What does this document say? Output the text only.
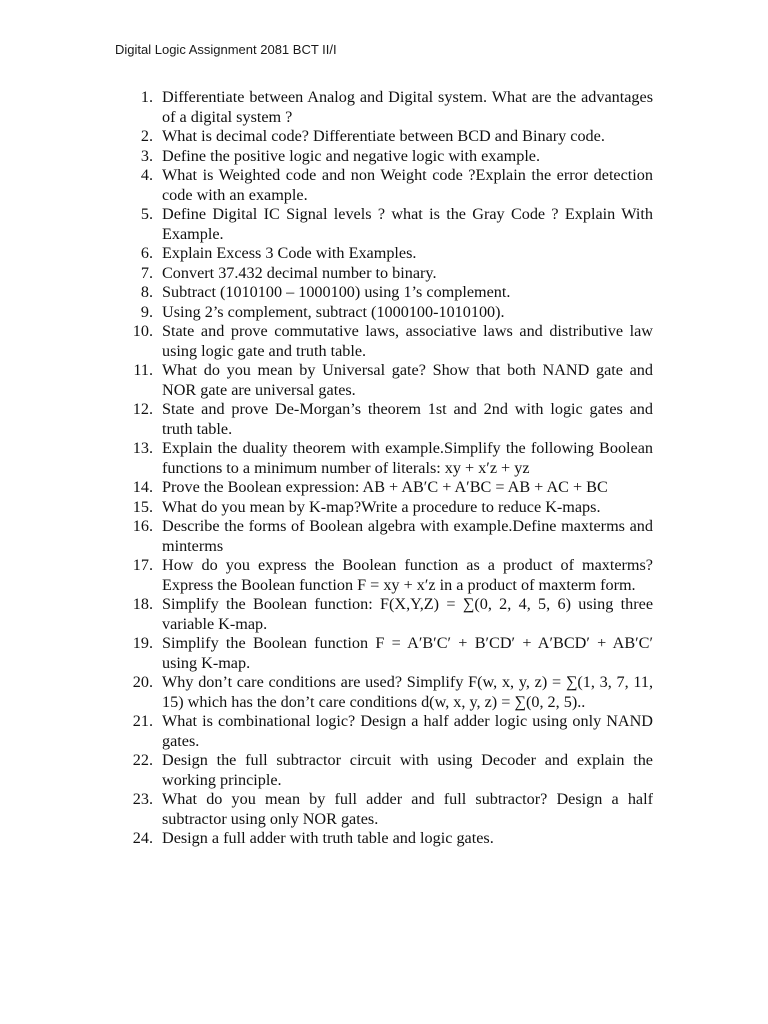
Digital Logic Assignment 2081 BCT II/I
1. Differentiate between Analog and Digital system. What are the advantages of a digital system ?
2. What is decimal code? Differentiate between BCD and Binary code.
3. Define the positive logic and negative logic with example.
4. What is Weighted code and non Weight code ?Explain the error detection code with an example.
5. Define Digital IC Signal levels ? what is the Gray Code ? Explain With Example.
6. Explain Excess 3 Code with Examples.
7. Convert 37.432 decimal number to binary.
8. Subtract (1010100 – 1000100) using 1’s complement.
9. Using 2’s complement, subtract (1000100-1010100).
10. State and prove commutative laws, associative laws and distributive law using logic gate and truth table.
11. What do you mean by Universal gate? Show that both NAND gate and NOR gate are universal gates.
12. State and prove De-Morgan’s theorem 1st and 2nd with logic gates and truth table.
13. Explain the duality theorem with example.Simplify the following Boolean functions to a minimum number of literals: xy + x′z + yz
14. Prove the Boolean expression: AB + AB′C + A′BC = AB + AC + BC
15. What do you mean by K-map?Write a procedure to reduce K-maps.
16. Describe the forms of Boolean algebra with example.Define maxterms and minterms
17. How do you express the Boolean function as a product of maxterms? Express the Boolean function F = xy + x′z in a product of maxterm form.
18. Simplify the Boolean function: F(X,Y,Z) = ∑(0, 2, 4, 5, 6) using three variable K-map.
19. Simplify the Boolean function F = A′B′C′ + B′CD′ + A′BCD′ + AB′C′ using K-map.
20. Why don’t care conditions are used? Simplify F(w, x, y, z) = ∑(1, 3, 7, 11, 15) which has the don’t care conditions d(w, x, y, z) = ∑(0, 2, 5)..
21. What is combinational logic? Design a half adder logic using only NAND gates.
22. Design the full subtractor circuit with using Decoder and explain the working principle.
23. What do you mean by full adder and full subtractor? Design a half subtractor using only NOR gates.
24. Design a full adder with truth table and logic gates.
